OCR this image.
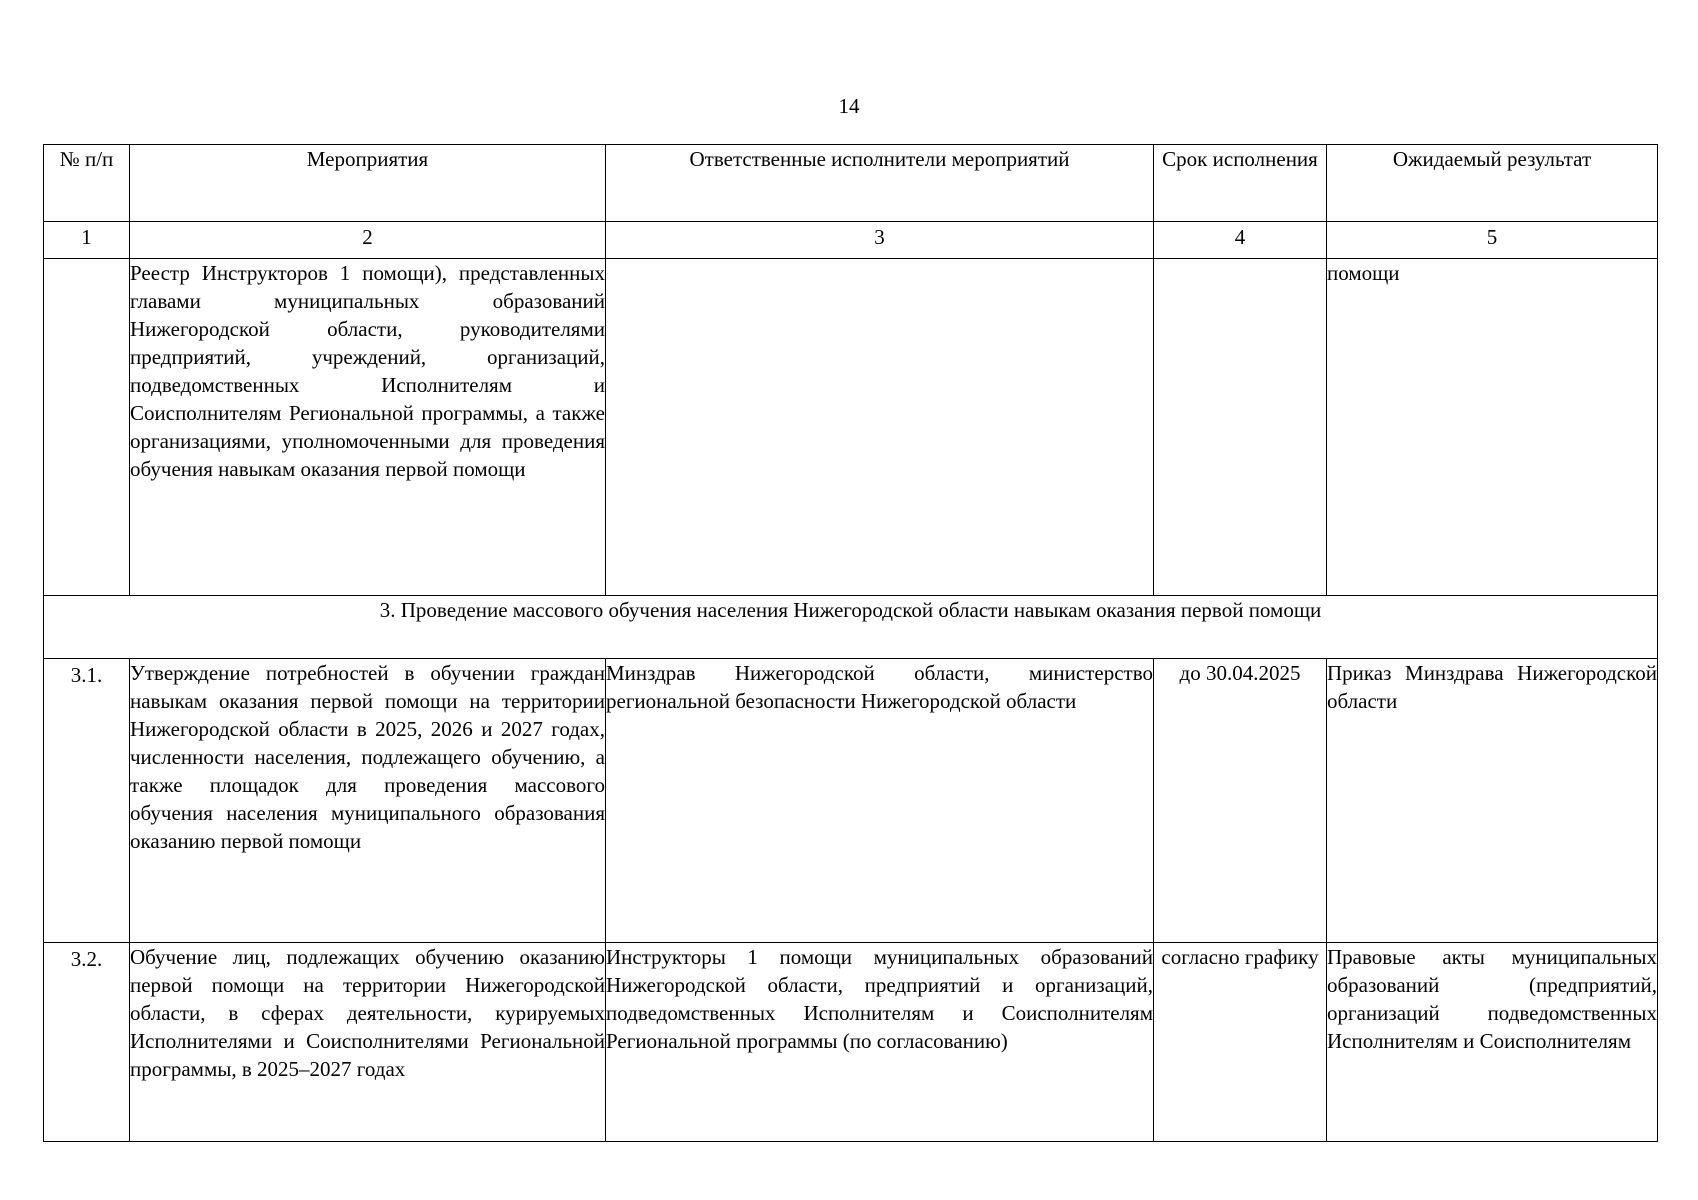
14
№ п/п	Мероприятия	Ответственные исполнители мероприятий	Срок исполнения	Ожидаемый результат
1	2	3	4	5
	Реестр Инструкторов 1 помощи), представленных главами муниципальных образований Нижегородской области, руководителями предприятий, учреждений, организаций, подведомственных Исполнителям и Соисполнителям Региональной программы, а также организациями, уполномоченными для проведения обучения навыкам оказания первой помощи			помощи
3. Проведение массового обучения населения Нижегородской области навыкам оказания первой помощи				
3.1.	Утверждение потребностей в обучении граждан навыкам оказания первой помощи на территории Нижегородской области в 2025, 2026 и 2027 годах, численности населения, подлежащего обучению, а также площадок для проведения массового обучения населения муниципального образования оказанию первой помощи	Минздрав Нижегородской области, министерство региональной безопасности Нижегородской области	до 30.04.2025	Приказ Минздрава Нижегородской области
3.2.	Обучение лиц, подлежащих обучению оказанию первой помощи на территории Нижегородской области, в сферах деятельности, курируемых Исполнителями и Соисполнителями Региональной программы, в 2025–2027 годах	Инструкторы 1 помощи муниципальных образований Нижегородской области, предприятий и организаций, подведомственных Исполнителям и Соисполнителям Региональной программы (по согласованию)	согласно графику	Правовые акты муниципальных образований (предприятий, организаций подведомственных Исполнителям и Соисполнителям
